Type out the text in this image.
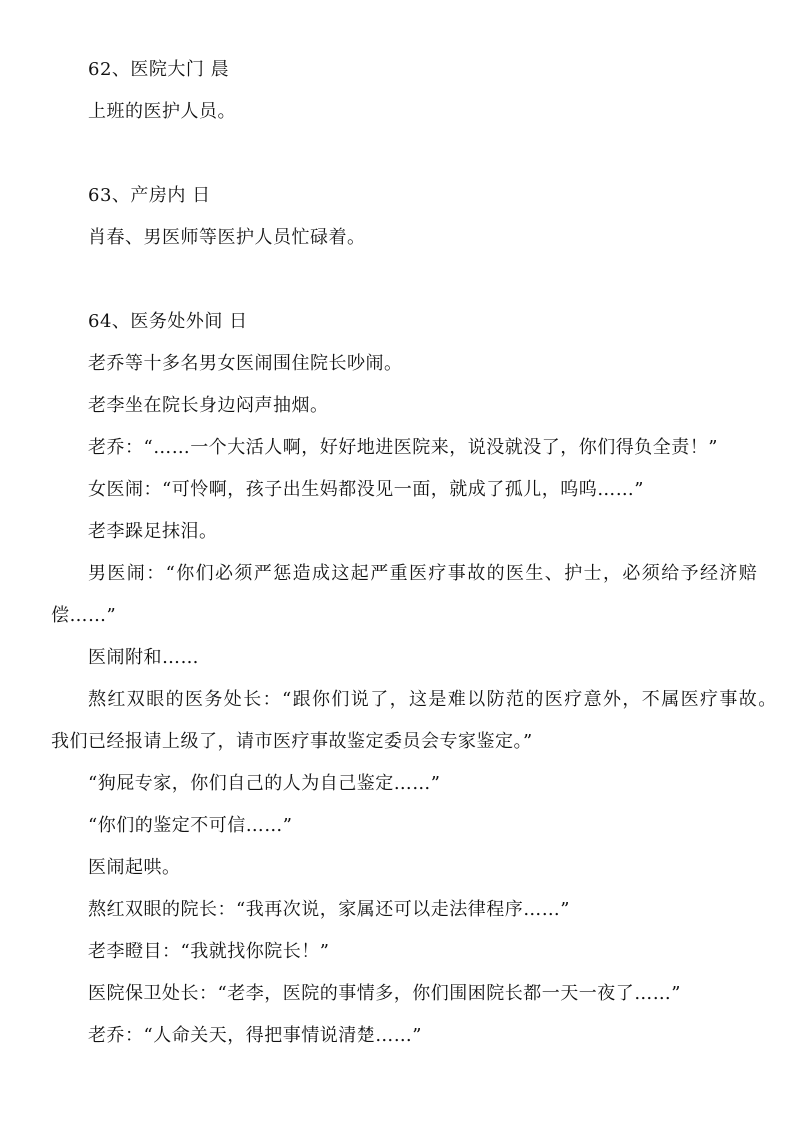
62、医院大门 晨
上班的医护人员。
63、产房内 日
肖春、男医师等医护人员忙碌着。
64、医务处外间 日
老乔等十多名男女医闹围住院长吵闹。
老李坐在院长身边闷声抽烟。
老乔：“……一个大活人啊，好好地进医院来，说没就没了，你们得负全责！”
女医闹：“可怜啊，孩子出生妈都没见一面，就成了孤儿，呜呜……”
老李跺足抹泪。
男医闹：“你们必须严惩造成这起严重医疗事故的医生、护士，必须给予经济赔
偿……”
医闹附和……
熬红双眼的医务处长：“跟你们说了，这是难以防范的医疗意外，不属医疗事故。
我们已经报请上级了，请市医疗事故鉴定委员会专家鉴定。”
“狗屁专家，你们自己的人为自己鉴定……”
“你们的鉴定不可信……”
医闹起哄。
熬红双眼的院长：“我再次说，家属还可以走法律程序……”
老李瞪目：“我就找你院长！”
医院保卫处长：“老李，医院的事情多，你们围困院长都一天一夜了……”
老乔：“人命关天，得把事情说清楚……”
